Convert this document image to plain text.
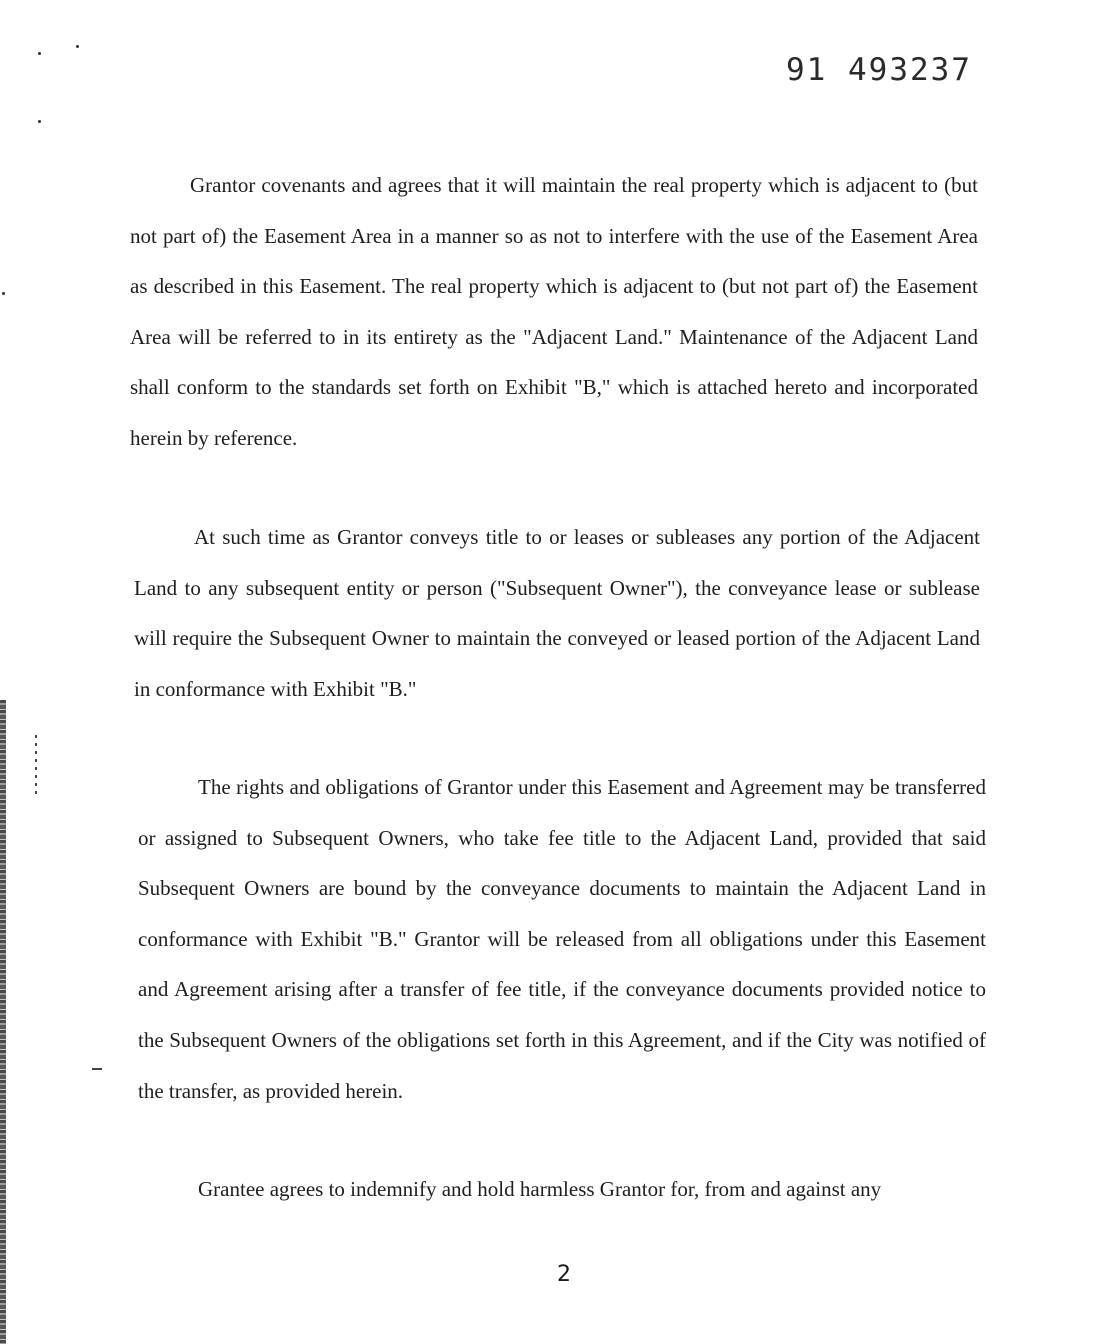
91 493237

Grantor covenants and agrees that it will maintain the real property which is adjacent to (but not part of) the Easement Area in a manner so as not to interfere with the use of the Easement Area as described in this Easement. The real property which is adjacent to (but not part of) the Easement Area will be referred to in its entirety as the "Adjacent Land." Maintenance of the Adjacent Land shall conform to the standards set forth on Exhibit "B," which is attached hereto and incorporated herein by reference.

At such time as Grantor conveys title to or leases or subleases any portion of the Adjacent Land to any subsequent entity or person ("Subsequent Owner"), the conveyance lease or sublease will require the Subsequent Owner to maintain the conveyed or leased portion of the Adjacent Land in conformance with Exhibit "B."

The rights and obligations of Grantor under this Easement and Agreement may be transferred or assigned to Subsequent Owners, who take fee title to the Adjacent Land, provided that said Subsequent Owners are bound by the conveyance documents to maintain the Adjacent Land in conformance with Exhibit "B." Grantor will be released from all obligations under this Easement and Agreement arising after a transfer of fee title, if the conveyance documents provided notice to the Subsequent Owners of the obligations set forth in this Agreement, and if the City was notified of the transfer, as provided herein.

Grantee agrees to indemnify and hold harmless Grantor for, from and against any

2
